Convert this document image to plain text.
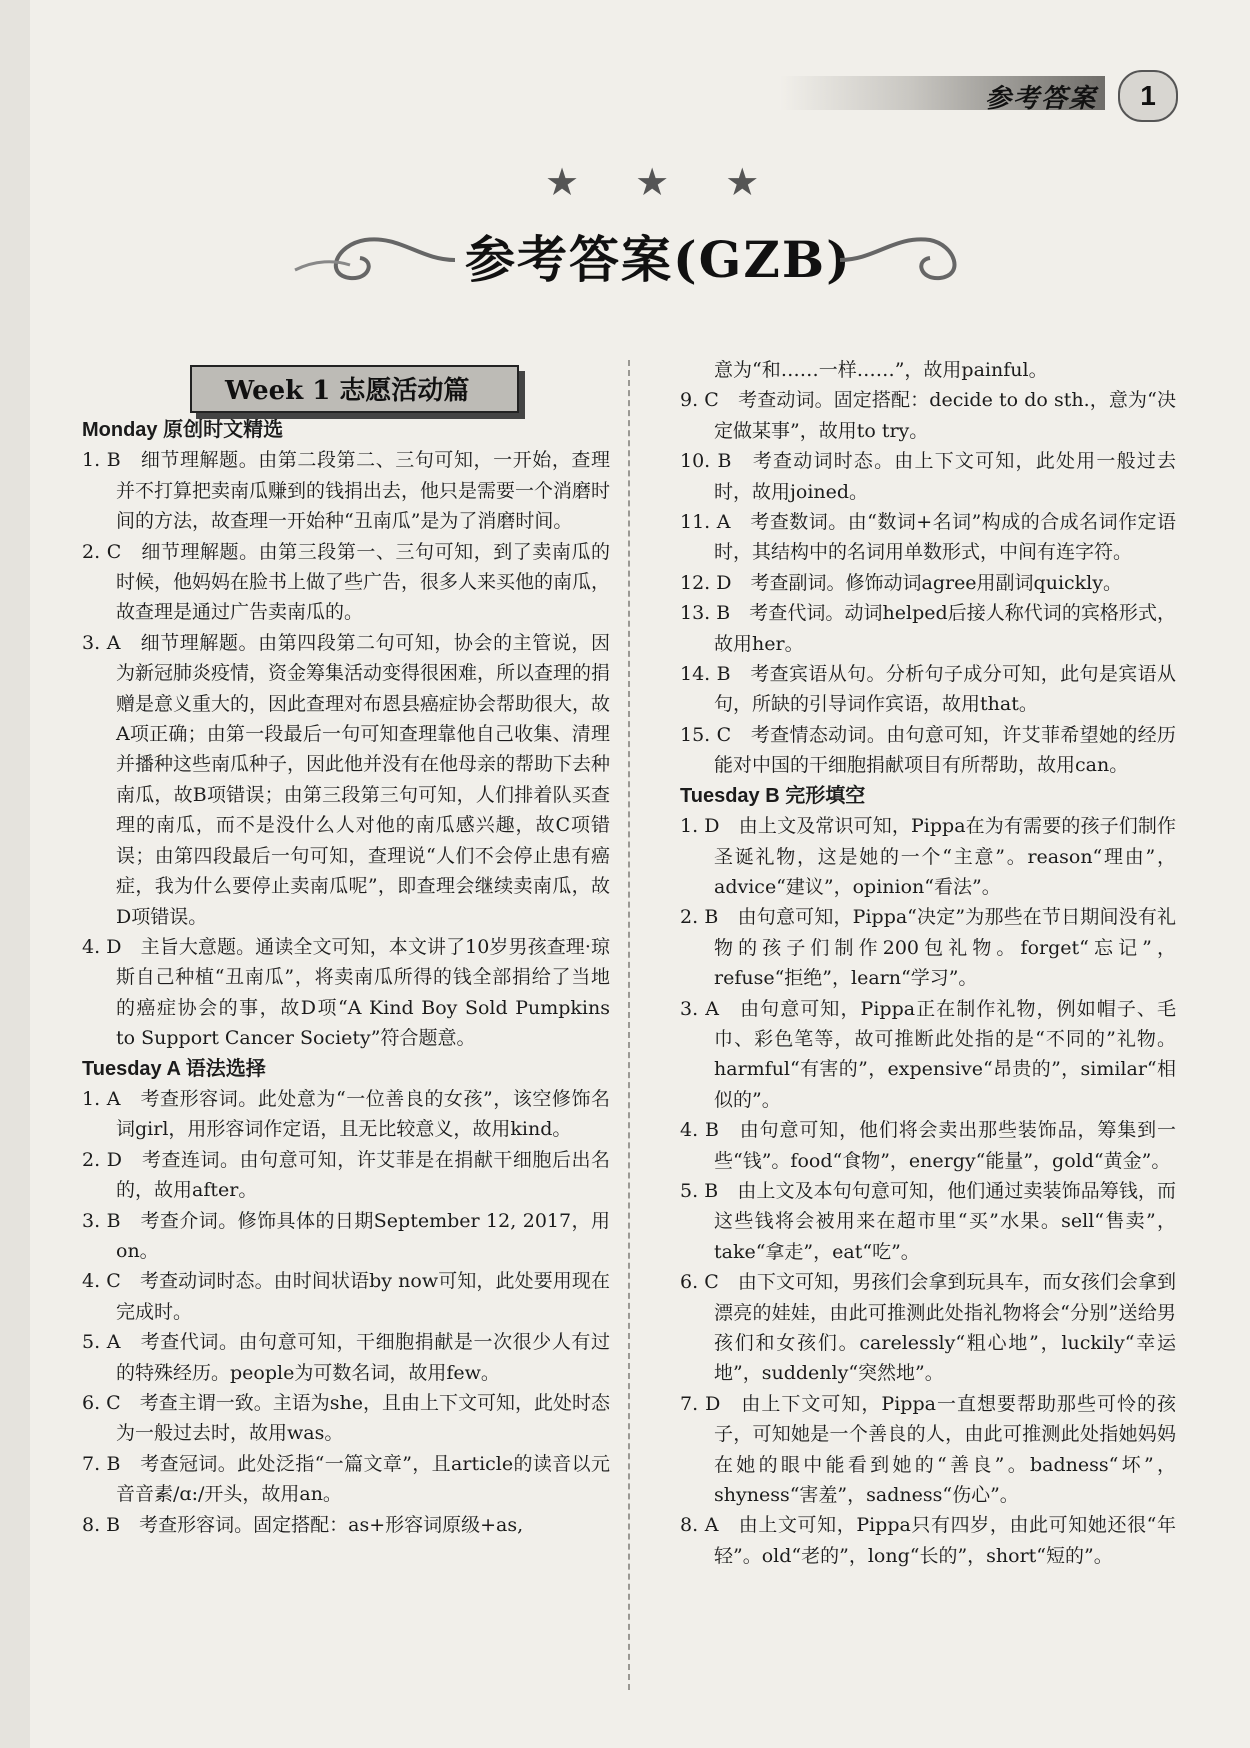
参考答案	1
★ ★ ★
参考答案(GZB)
Week 1 志愿活动篇

Monday 原创时文精选

1. B　细节理解题。由第二段第二、三句可知，一开始，查理并不打算把卖南瓜赚到的钱捐出去，他只是需要一个消磨时间的方法，故查理一开始种“丑南瓜”是为了消磨时间。

2. C　细节理解题。由第三段第一、三句可知，到了卖南瓜的时候，他妈妈在脸书上做了些广告，很多人来买他的南瓜，故查理是通过广告卖南瓜的。

3. A　细节理解题。由第四段第二句可知，协会的主管说，因为新冠肺炎疫情，资金筹集活动变得很困难，所以查理的捐赠是意义重大的，因此查理对布恩县癌症协会帮助很大，故A项正确；由第一段最后一句可知查理靠他自己收集、清理并播种这些南瓜种子，因此他并没有在他母亲的帮助下去种南瓜，故B项错误；由第三段第三句可知，人们排着队买查理的南瓜，而不是没什么人对他的南瓜感兴趣，故C项错误；由第四段最后一句可知，查理说“人们不会停止患有癌症，我为什么要停止卖南瓜呢”，即查理会继续卖南瓜，故D项错误。

4. D　主旨大意题。通读全文可知，本文讲了10岁男孩查理·琼斯自己种植“丑南瓜”，将卖南瓜所得的钱全部捐给了当地的癌症协会的事，故D项“A Kind Boy Sold Pumpkins to Support Cancer Society”符合题意。

Tuesday A 语法选择

1. A　考查形容词。此处意为“一位善良的女孩”，该空修饰名词girl，用形容词作定语，且无比较意义，故用kind。

2. D　考查连词。由句意可知，许艾菲是在捐献干细胞后出名的，故用after。

3. B　考查介词。修饰具体的日期September 12, 2017，用on。

4. C　考查动词时态。由时间状语by now可知，此处要用现在完成时。

5. A　考查代词。由句意可知，干细胞捐献是一次很少人有过的特殊经历。people为可数名词，故用few。

6. C　考查主谓一致。主语为she，且由上下文可知，此处时态为一般过去时，故用was。

7. B　考查冠词。此处泛指“一篇文章”，且article的读音以元音音素/ɑ:/开头，故用an。

8. B　考查形容词。固定搭配：as+形容词原级+as,

意为“和……一样……”，故用painful。

9. C　考查动词。固定搭配：decide to do sth.，意为“决定做某事”，故用to try。

10. B　考查动词时态。由上下文可知，此处用一般过去时，故用joined。

11. A　考查数词。由“数词+名词”构成的合成名词作定语时，其结构中的名词用单数形式，中间有连字符。

12. D　考查副词。修饰动词agree用副词quickly。

13. B　考查代词。动词helped后接人称代词的宾格形式，故用her。

14. B　考查宾语从句。分析句子成分可知，此句是宾语从句，所缺的引导词作宾语，故用that。

15. C　考查情态动词。由句意可知，许艾菲希望她的经历能对中国的干细胞捐献项目有所帮助，故用can。

Tuesday B 完形填空

1. D　由上文及常识可知，Pippa在为有需要的孩子们制作圣诞礼物，这是她的一个“主意”。reason“理由”，advice“建议”，opinion“看法”。

2. B　由句意可知，Pippa“决定”为那些在节日期间没有礼物的孩子们制作200包礼物。forget“忘记”，refuse“拒绝”，learn“学习”。

3. A　由句意可知，Pippa正在制作礼物，例如帽子、毛巾、彩色笔等，故可推断此处指的是“不同的”礼物。harmful“有害的”，expensive“昂贵的”，similar“相似的”。

4. B　由句意可知，他们将会卖出那些装饰品，筹集到一些“钱”。food“食物”，energy“能量”，gold“黄金”。

5. B　由上文及本句句意可知，他们通过卖装饰品筹钱，而这些钱将会被用来在超市里“买”水果。sell“售卖”，take“拿走”，eat“吃”。

6. C　由下文可知，男孩们会拿到玩具车，而女孩们会拿到漂亮的娃娃，由此可推测此处指礼物将会“分别”送给男孩们和女孩们。carelessly“粗心地”，luckily“幸运地”，suddenly“突然地”。

7. D　由上下文可知，Pippa一直想要帮助那些可怜的孩子，可知她是一个善良的人，由此可推测此处指她妈妈在她的眼中能看到她的“善良”。badness“坏”，shyness“害羞”，sadness“伤心”。

8. A　由上文可知，Pippa只有四岁，由此可知她还很“年轻”。old“老的”，long“长的”，short“短的”。
